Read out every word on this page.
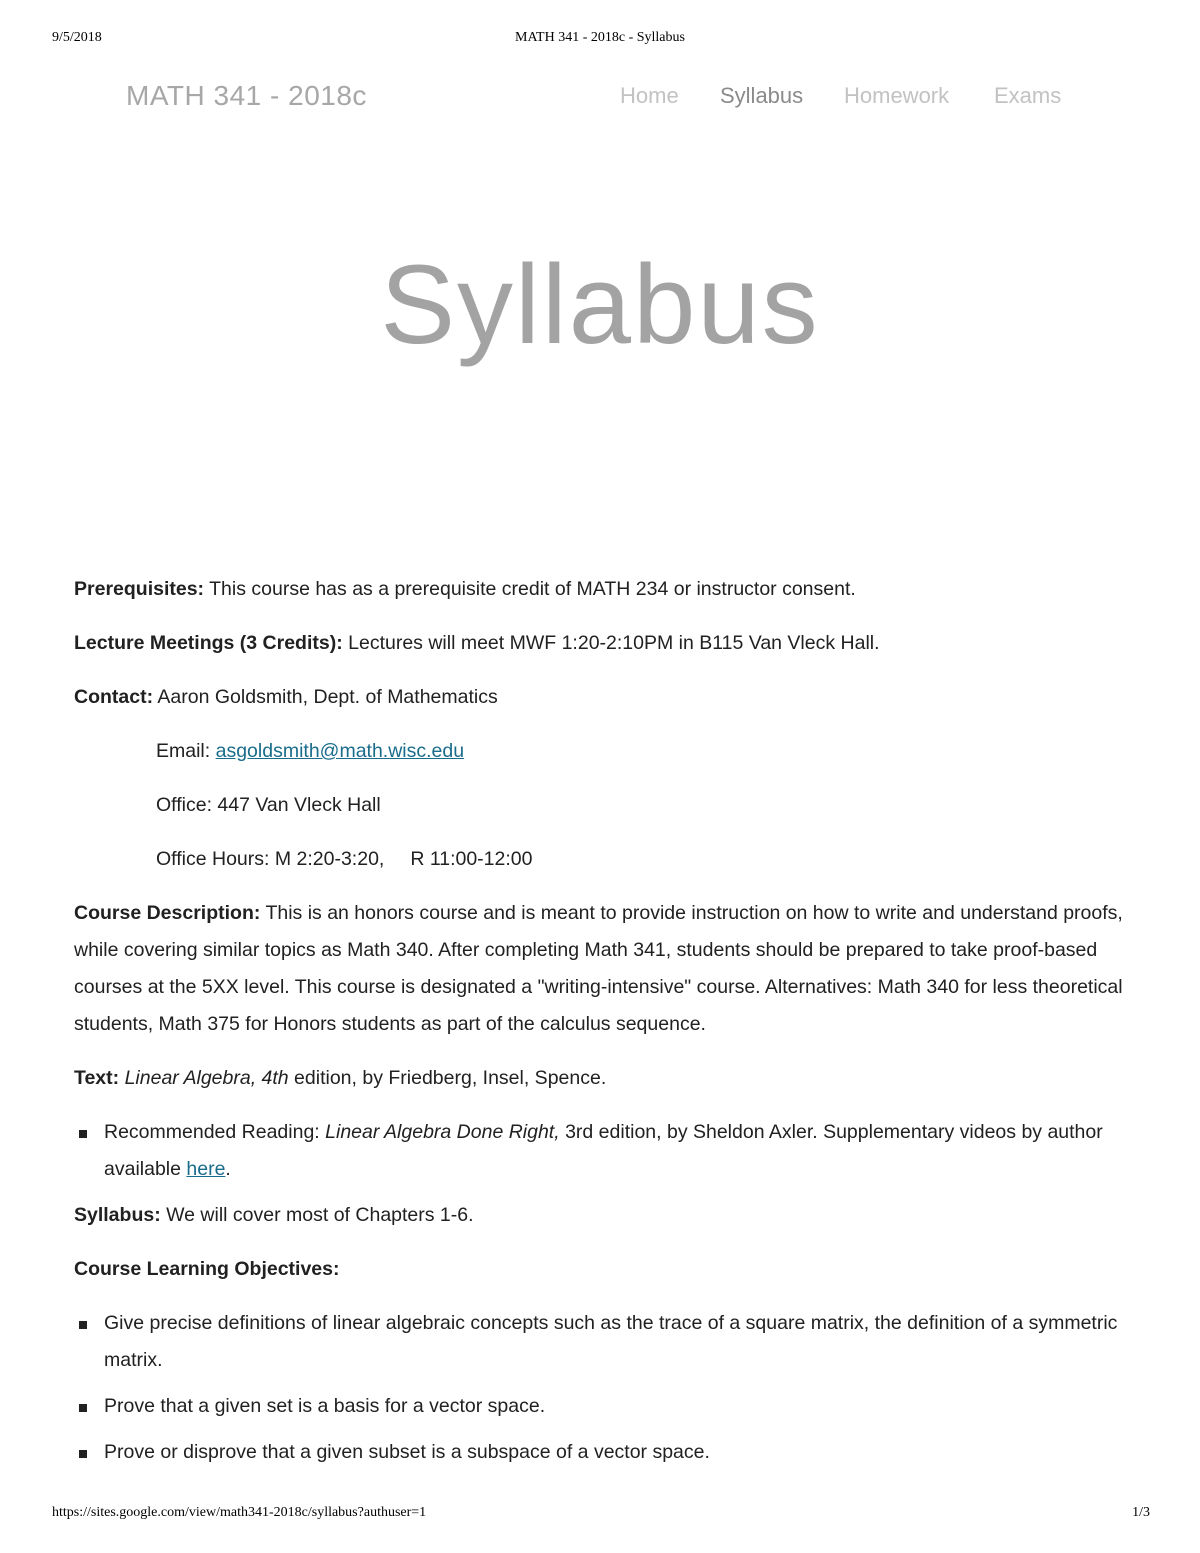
9/5/2018	MATH 341 - 2018c - Syllabus
MATH 341 - 2018c	Home Syllabus Homework Exams
Syllabus

Prerequisites: This course has as a prerequisite credit of MATH 234 or instructor consent.

Lecture Meetings (3 Credits): Lectures will meet MWF 1:20-2:10PM in B115 Van Vleck Hall.

Contact: Aaron Goldsmith, Dept. of Mathematics

Email: asgoldsmith@math.wisc.edu

Office: 447 Van Vleck Hall

Office Hours: M 2:20-3:20, R 11:00-12:00

Course Description: This is an honors course and is meant to provide instruction on how to write and understand proofs, while covering similar topics as Math 340. After completing Math 341, students should be prepared to take proof-based courses at the 5XX level. This course is designated a "writing-intensive" course. Alternatives: Math 340 for less theoretical students, Math 375 for Honors students as part of the calculus sequence.

Text: Linear Algebra, 4th edition, by Friedberg, Insel, Spence.

Recommended Reading: Linear Algebra Done Right, 3rd edition, by Sheldon Axler. Supplementary videos by author available here.

Syllabus: We will cover most of Chapters 1-6.

Course Learning Objectives:

Give precise definitions of linear algebraic concepts such as the trace of a square matrix, the definition of a symmetric matrix.
Prove that a given set is a basis for a vector space.
Prove or disprove that a given subset is a subspace of a vector space.
https://sites.google.com/view/math341-2018c/syllabus?authuser=1	1/3
